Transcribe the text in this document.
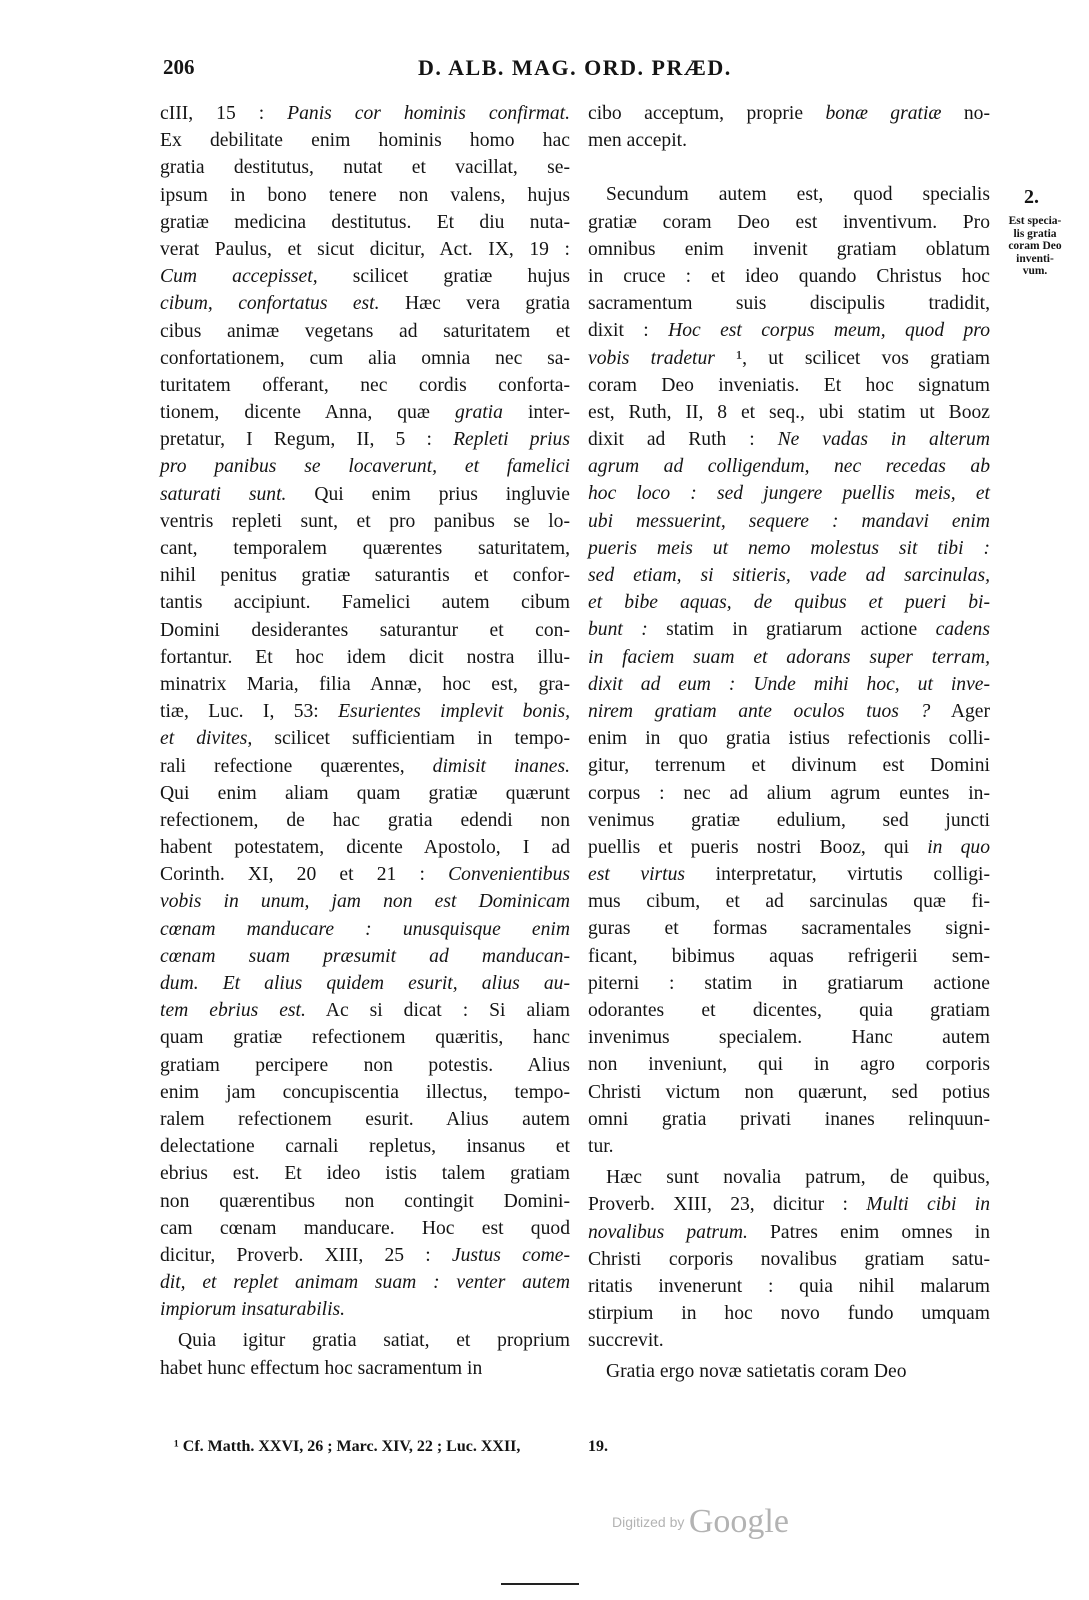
206	D. ALB. MAG. ORD. PRÆD.
cIII, 15 : Panis cor hominis confirmat.
Ex debilitate enim hominis homo hac
gratia destitutus, nutat et vacillat, se-
ipsum in bono tenere non valens, hujus
gratiæ medicina destitutus. Et diu nuta-
verat Paulus, et sicut dicitur, Act. IX, 19 :
Cum accepisset, scilicet gratiæ hujus
cibum, confortatus est. Hæc vera gratia
cibus animæ vegetans ad saturitatem et
confortationem, cum alia omnia nec sa-
turitatem offerant, nec cordis conforta-
tionem, dicente Anna, quæ gratia inter-
pretatur, I Regum, II, 5 : Repleti prius
pro panibus se locaverunt, et famelici
saturati sunt. Qui enim prius ingluvie
ventris repleti sunt, et pro panibus se lo-
cant, temporalem quærentes saturitatem,
nihil penitus gratiæ saturantis et confor-
tantis accipiunt. Famelici autem cibum
Domini desiderantes saturantur et con-
fortantur. Et hoc idem dicit nostra illu-
minatrix Maria, filia Annæ, hoc est, gra-
tiæ, Luc. I, 53: Esurientes implevit bonis,
et divites, scilicet sufficientiam in tempo-
rali refectione quærentes, dimisit inanes.
Qui enim aliam quam gratiæ quærunt
refectionem, de hac gratia edendi non
habent potestatem, dicente Apostolo, I ad
Corinth. XI, 20 et 21 : Convenientibus
vobis in unum, jam non est Dominicam
cœnam manducare : unusquisque enim
cœnam suam præsumit ad manducan-
dum. Et alius quidem esurit, alius au-
tem ebrius est. Ac si dicat : Si aliam
quam gratiæ refectionem quæritis, hanc
gratiam percipere non potestis. Alius
enim jam concupiscentia illectus, tempo-
ralem refectionem esurit. Alius autem
delectatione carnali repletus, insanus et
ebrius est. Et ideo istis talem gratiam
non quærentibus non contingit Domini-
cam cœnam manducare. Hoc est quod
dicitur, Proverb. XIII, 25 : Justus come-
dit, et replet animam suam : venter autem
impiorum insaturabilis.
Quia igitur gratia satiat, et proprium
habet hunc effectum hoc sacramentum in
cibo acceptum, proprie bonæ gratiæ no-
men accepit.
Secundum autem est, quod specialis
gratiæ coram Deo est inventivum. Pro
omnibus enim invenit gratiam oblatum
in cruce : et ideo quando Christus hoc
sacramentum suis discipulis tradidit,
dixit : Hoc est corpus meum, quod pro
vobis tradetur ¹, ut scilicet vos gratiam
coram Deo inveniatis. Et hoc signatum
est, Ruth, II, 8 et seq., ubi statim ut Booz
dixit ad Ruth : Ne vadas in alterum
agrum ad colligendum, nec recedas ab
hoc loco : sed jungere puellis meis, et
ubi messuerint, sequere : mandavi enim
pueris meis ut nemo molestus sit tibi :
sed etiam, si sitieris, vade ad sarcinulas,
et bibe aquas, de quibus et pueri bi-
bunt : statim in gratiarum actione cadens
in faciem suam et adorans super terram,
dixit ad eum : Unde mihi hoc, ut inve-
nirem gratiam ante oculos tuos ? Ager
enim in quo gratia istius refectionis colli-
gitur, terrenum et divinum est Domini
corpus : nec ad alium agrum euntes in-
venimus gratiæ edulium, sed juncti
puellis et pueris nostri Booz, qui in quo
est virtus interpretatur, virtutis colligi-
mus cibum, et ad sarcinulas quæ fi-
guras et formas sacramentales signi-
ficant, bibimus aquas refrigerii sem-
piterni : statim in gratiarum actione
odorantes et dicentes, quia gratiam
invenimus specialem. Hanc autem
non inveniunt, qui in agro corporis
Christi victum non quærunt, sed potius
omni gratia privati inanes relinquun-
tur.
Hæc sunt novalia patrum, de quibus,
Proverb. XIII, 23, dicitur : Multi cibi in
novalibus patrum. Patres enim omnes in
Christi corporis novalibus gratiam satu-
ritatis invenerunt : quia nihil malarum
stirpium in hoc novo fundo umquam
succrevit.
Gratia ergo novæ satietatis coram Deo
2.
Est specia-
lis gratia
coram Deo
inventi-
vum.
¹ Cf. Matth. XXVI, 26 ; Marc. XIV, 22 ; Luc. XXII,	19.
Digitized by Google
